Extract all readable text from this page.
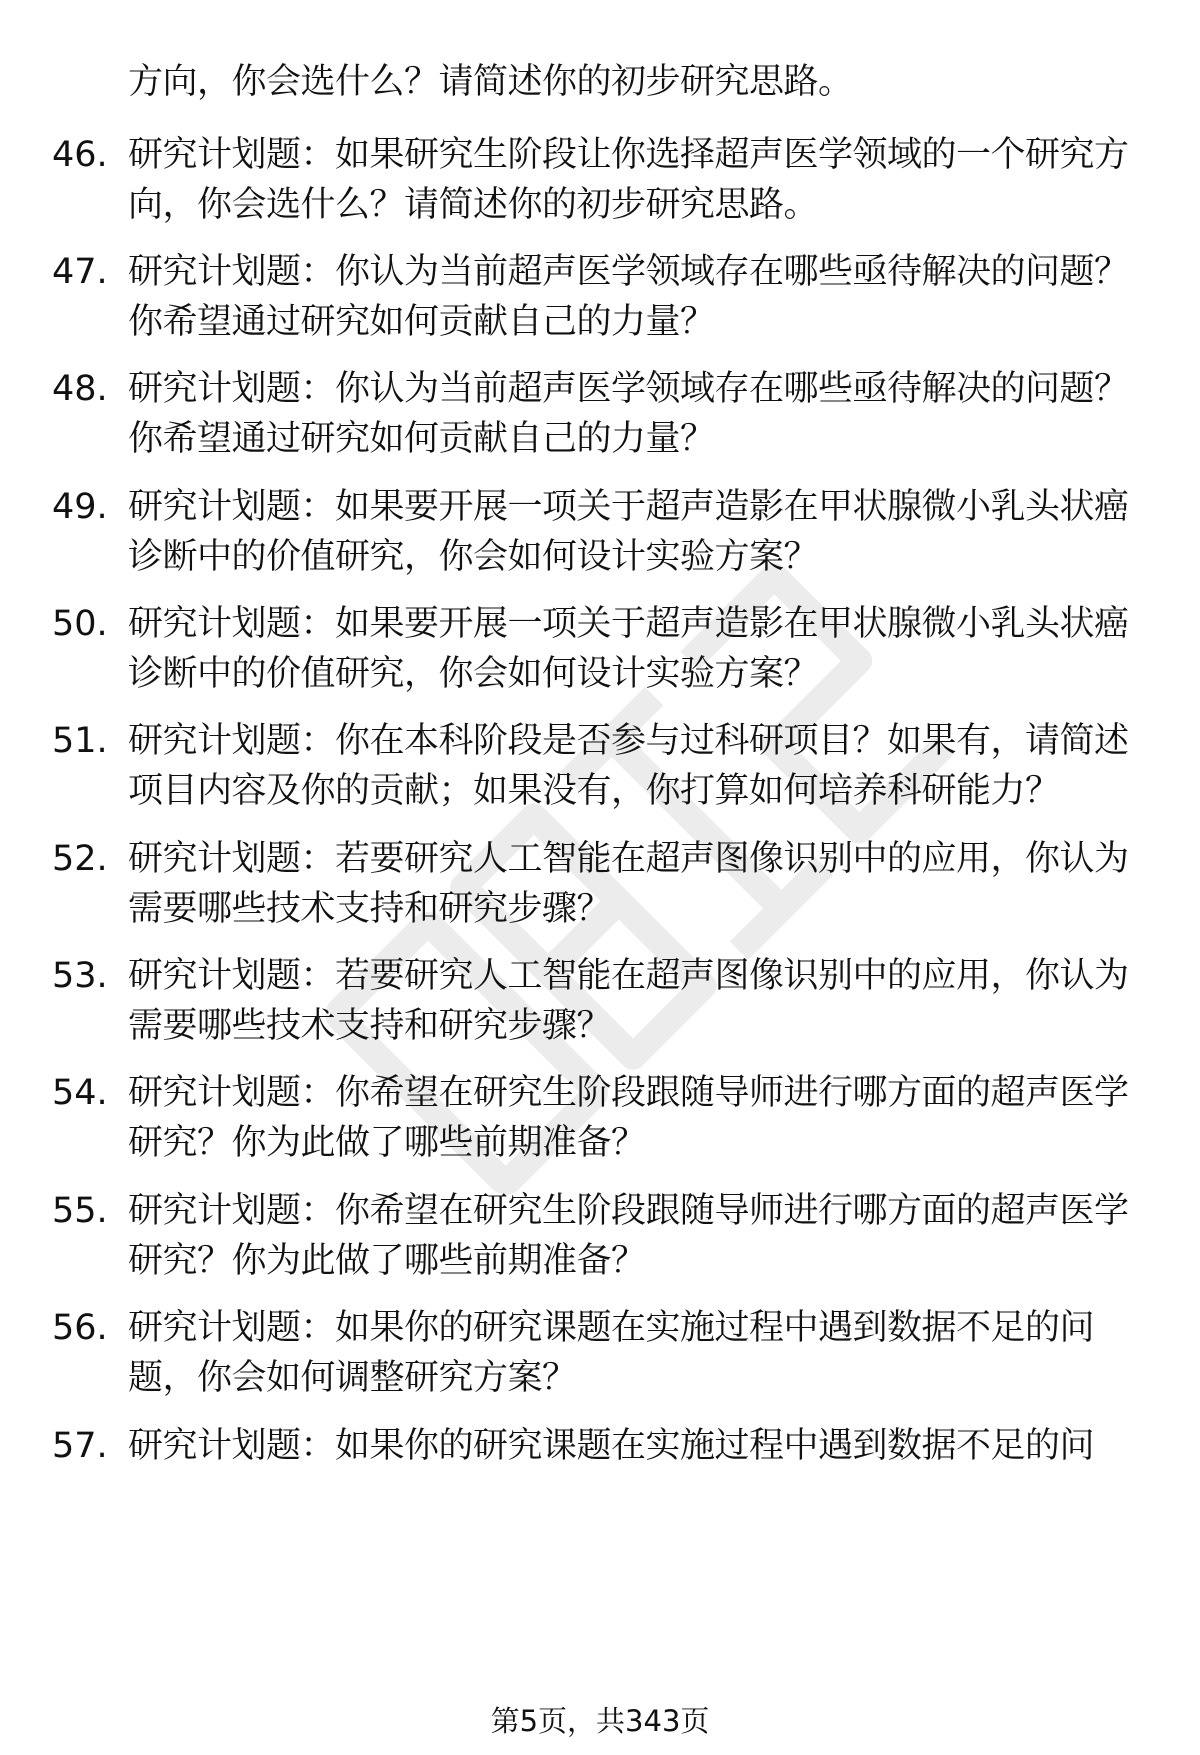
方向，你会选什么？请简述你的初步研究思路。
46. 研究计划题：如果研究生阶段让你选择超声医学领域的一个研究方向，你会选什么？请简述你的初步研究思路。
47. 研究计划题：你认为当前超声医学领域存在哪些亟待解决的问题？你希望通过研究如何贡献自己的力量？
48. 研究计划题：你认为当前超声医学领域存在哪些亟待解决的问题？你希望通过研究如何贡献自己的力量？
49. 研究计划题：如果要开展一项关于超声造影在甲状腺微小乳头状癌诊断中的价值研究，你会如何设计实验方案？
50. 研究计划题：如果要开展一项关于超声造影在甲状腺微小乳头状癌诊断中的价值研究，你会如何设计实验方案？
51. 研究计划题：你在本科阶段是否参与过科研项目？如果有，请简述项目内容及你的贡献；如果没有，你打算如何培养科研能力？
52. 研究计划题：若要研究人工智能在超声图像识别中的应用，你认为需要哪些技术支持和研究步骤？
53. 研究计划题：若要研究人工智能在超声图像识别中的应用，你认为需要哪些技术支持和研究步骤？
54. 研究计划题：你希望在研究生阶段跟随导师进行哪方面的超声医学研究？你为此做了哪些前期准备？
55. 研究计划题：你希望在研究生阶段跟随导师进行哪方面的超声医学研究？你为此做了哪些前期准备？
56. 研究计划题：如果你的研究课题在实施过程中遇到数据不足的问题，你会如何调整研究方案？
57. 研究计划题：如果你的研究课题在实施过程中遇到数据不足的问
第5页，共343页
